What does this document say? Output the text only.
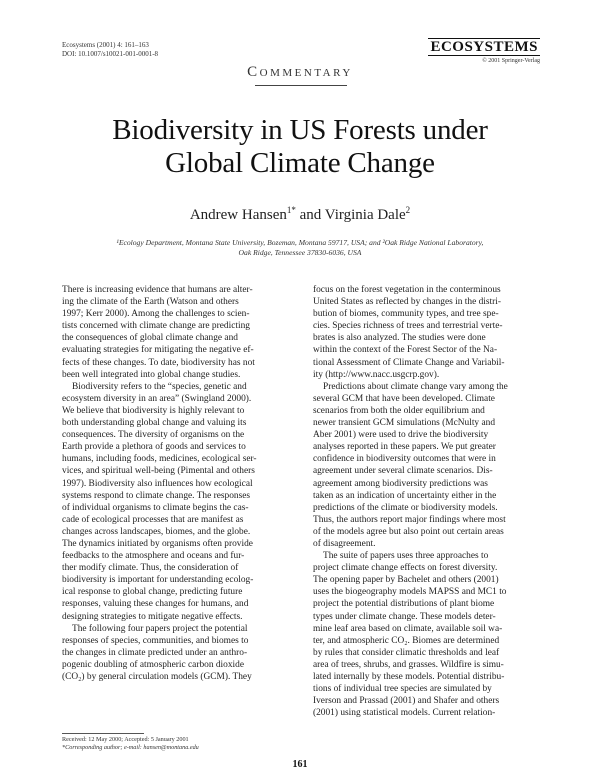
Ecosystems (2001) 4: 161–163
DOI: 10.1007/s10021-001-0001-8	ECOSYSTEMS
© 2001 Springer-Verlag
Commentary
Biodiversity in US Forests under
Global Climate Change
Andrew Hansen$^{1*}$ and Virginia Dale$^2$
¹Ecology Department, Montana State University, Bozeman, Montana 59717, USA; and ²Oak Ridge National Laboratory,
Oak Ridge, Tennessee 37830-6036, USA
There is increasing evidence that humans are alter-
ing the climate of the Earth (Watson and others
1997; Kerr 2000). Among the challenges to scien-
tists concerned with climate change are predicting
the consequences of global climate change and
evaluating strategies for mitigating the negative ef-
fects of these changes. To date, biodiversity has not
been well integrated into global change studies.
Biodiversity refers to the “species, genetic and
ecosystem diversity in an area” (Swingland 2000).
We believe that biodiversity is highly relevant to
both understanding global change and valuing its
consequences. The diversity of organisms on the
Earth provide a plethora of goods and services to
humans, including foods, medicines, ecological ser-
vices, and spiritual well-being (Pimental and others
1997). Biodiversity also influences how ecological
systems respond to climate change. The responses
of individual organisms to climate begins the cas-
cade of ecological processes that are manifest as
changes across landscapes, biomes, and the globe.
The dynamics initiated by organisms often provide
feedbacks to the atmosphere and oceans and fur-
ther modify climate. Thus, the consideration of
biodiversity is important for understanding ecolog-
ical response to global change, predicting future
responses, valuing these changes for humans, and
designing strategies to mitigate negative effects.
The following four papers project the potential
responses of species, communities, and biomes to
the changes in climate predicted under an anthro-
pogenic doubling of atmospheric carbon dioxide
(CO₂) by general circulation models (GCM). They
focus on the forest vegetation in the conterminous
United States as reflected by changes in the distri-
bution of biomes, community types, and tree spe-
cies. Species richness of trees and terrestrial verte-
brates is also analyzed. The studies were done
within the context of the Forest Sector of the Na-
tional Assessment of Climate Change and Variabil-
ity (http://www.nacc.usgcrp.gov).
Predictions about climate change vary among the
several GCM that have been developed. Climate
scenarios from both the older equilibrium and
newer transient GCM simulations (McNulty and
Aber 2001) were used to drive the biodiversity
analyses reported in these papers. We put greater
confidence in biodiversity outcomes that were in
agreement under several climate scenarios. Dis-
agreement among biodiversity predictions was
taken as an indication of uncertainty either in the
predictions of the climate or biodiversity models.
Thus, the authors report major findings where most
of the models agree but also point out certain areas
of disagreement.
The suite of papers uses three approaches to
project climate change effects on forest diversity.
The opening paper by Bachelet and others (2001)
uses the biogeography models MAPSS and MC1 to
project the potential distributions of plant biome
types under climate change. These models deter-
mine leaf area based on climate, available soil wa-
ter, and atmospheric CO₂. Biomes are determined
by rules that consider climatic thresholds and leaf
area of trees, shrubs, and grasses. Wildfire is simu-
lated internally by these models. Potential distribu-
tions of individual tree species are simulated by
Iverson and Prassad (2001) and Shafer and others
(2001) using statistical models. Current relation-
Received: 12 May 2000; Accepted: 5 January 2001
*Corresponding author; e-mail: hansen@montana.edu
161
